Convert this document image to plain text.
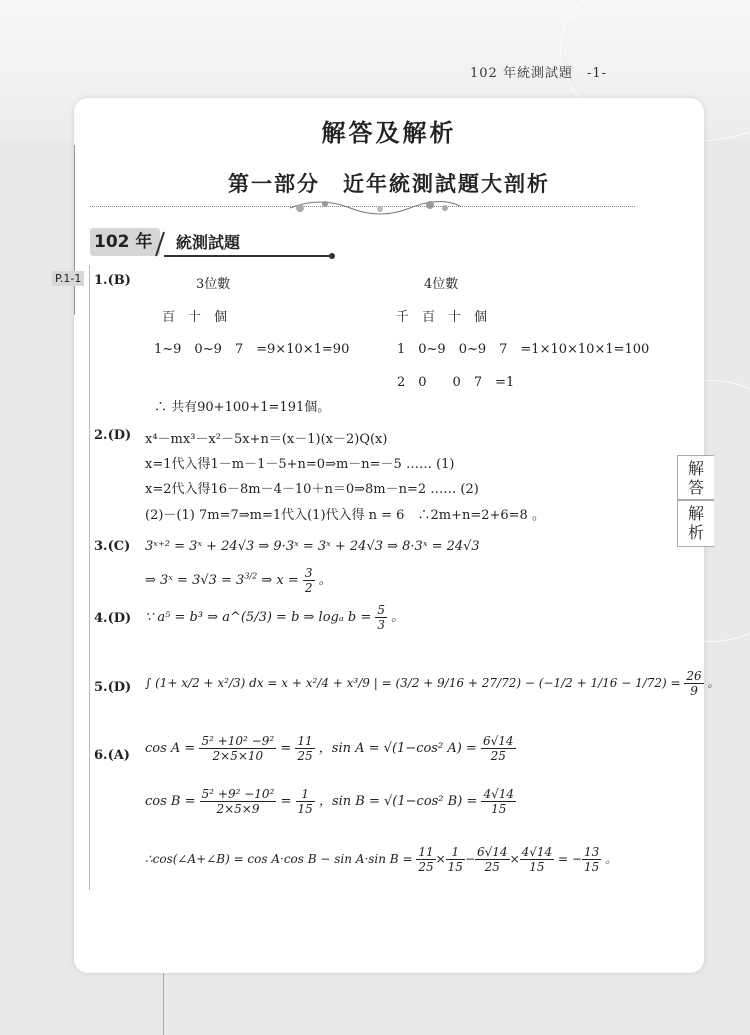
102 年統測試題　 -1-
解答及解析
第一部分　近年統測試題大剖析
102 年	統測試題
P.1-1
解
答
解
析
1.(B)	3位數
百　十　個
1~9　0~9　7　=9×10×1=90
4位數
千　百　十　個
1　0~9　0~9　7　=1×10×10×1=100
2　0　　0　7　=1
∴ 共有90+100+1=191個。
2.(D) x⁴－mx³－x²－5x+n＝(x－1)(x－2)Q(x)
x=1代入得1－m－1－5+n=0⇒m－n=－5 …… (1)
x=2代入得16－8m－4－10＋n＝0⇒8m－n=2 …… (2)
(2)－(1) 7m=7⇒m=1代入(1)代入得 n = 6　∴2m+n=2+6=8 。
3.(C) 3ˣ⁺² = 3ˣ + 24√3 ⇒ 9·3ˣ = 3ˣ + 24√3 ⇒ 8·3ˣ = 24√3
⇒ 3ˣ = $3√3 = 3^{3/2}$ ⇒ $x = \frac{3}{2}$ 。
4.(D) ∵ a⁵ = b³ ⇒ a^(5/3) = b ⇒ logₐ $b = \frac{5}{3}$ 。
5.(D) ∫ (1+ x/2 + x²/3) dx = x + x²/4 + x³/9 | = $(3/2 + 9/16 + 27/72) - (-1/2 + 1/16 - 1/72) = \frac{26}{9}$ 。
6.(A) $\cos A = \frac{\text{5² +10² −9²}}{2\times 5\times 10} = \frac{11}{25}$ ，sin A = √(1−cos² $A) = \frac{6√14}{25}$
$\cos B = \frac{\text{5² +9² −10²}}{2\times 5\times 9} = \frac{1}{15}$ ，sin B = √(1−cos² $B) = \frac{4√14}{15}$
∴cos(∠A+∠B) = cos A·cos B − sin A·sin $B = \frac{11}{25} \times \frac{1}{15} - \frac{6√14}{25} \times \frac{4√14}{15}$ = − $\frac{13}{15}$ 。
